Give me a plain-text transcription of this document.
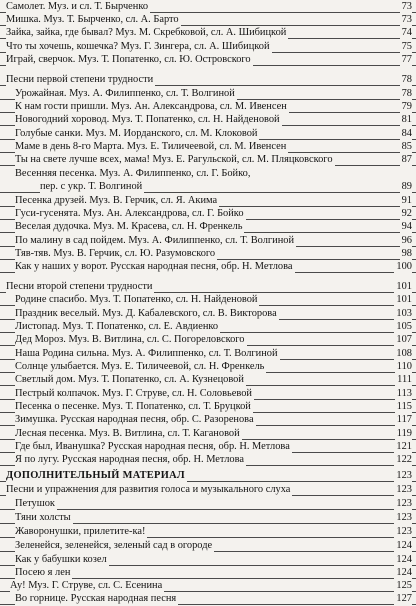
Самолет. Муз. и сл. Т. Бырченко	73
Мишка. Муз. Т. Бырченко, сл. А. Барто	73
Зайка, зайка, где бывал? Муз. М. Скребковой, сл. А. Шибицкой	74
Что ты хочешь, кошечка? Муз. Г. Зингера, сл. А. Шибицкой	75
Играй, сверчок. Муз. Т. Попатенко, сл. Ю. Островского	77
Песни первой степени трудности	78
Урожайная. Муз. А. Филиппенко, сл. Т. Волгиной	78
К нам гости пришли. Муз. Ан. Александрова, сл. М. Ивенсен	79
Новогодний хоровод. Муз. Т. Попатенко, сл. Н. Найденовой	81
Голубые санки. Муз. М. Иорданского, сл. М. Клоковой	84
Маме в день 8-го Марта. Муз. Е. Тиличеевой, сл. М. Ивенсен	85
Ты на свете лучше всех, мама! Муз. Е. Рагульской, сл. М. Пляцковского	87
Весенняя песенка. Муз. А. Филиппенко, сл. Г. Бойко,
пер. с укр. Т. Волгиной	89
Песенка друзей. Муз. В. Герчик, сл. Я. Акима	91
Гуси-гусенята. Муз. Ан. Александрова, сл. Г. Бойко	92
Веселая дудочка. Муз. М. Красева, сл. Н. Френкель	94
По малину в сад пойдем. Муз. А. Филиппенко, сл. Т. Волгиной	96
Тяв-тяв. Муз. В. Герчик, сл. Ю. Разумовского	98
Как у наших у ворот. Русская народная песня, обр. Н. Метлова	100
Песни второй степени трудности	101
Родине спасибо. Муз. Т. Попатенко, сл. Н. Найденовой	101
Праздник веселый. Муз. Д. Кабалевского, сл. В. Викторова	103
Листопад. Муз. Т. Попатенко, сл. Е. Авдиенко	105
Дед Мороз. Муз. В. Витлина, сл. С. Погореловского	107
Наша Родина сильна. Муз. А. Филиппенко, сл. Т. Волгиной	108
Солнце улыбается. Муз. Е. Тиличеевой, сл. Н. Френкель	110
Светлый дом. Муз. Т. Попатенко, сл. А. Кузнецовой	111
Пестрый колпачок. Муз. Г. Струве, сл. Н. Соловьевой	113
Песенка о песенке. Муз. Т. Попатенко, сл. Т. Бруцкой	115
Зимушка. Русская народная песня, обр. С. Разоренова	117
Лесная песенка. Муз. В. Витлина, сл. Т. Кагановой	119
Где был, Иванушка? Русская народная песня, обр. Н. Метлова	121
Я по лугу. Русская народная песня, обр. Н. Метлова	122
ДОПОЛНИТЕЛЬНЫЙ МАТЕРИАЛ	123
Песни и упражнения для развития голоса и музыкального слуха	123
Петушок	123
Тяни холсты	123
Жаворонушки, прилетите-ка!	123
Зеленейся, зеленейся, зеленый сад в огороде	124
Как у бабушки козел	124
Посею я лен	124
Ау! Муз. Г. Струве, сл. С. Есенина	125
Во горнице. Русская народная песня	127
